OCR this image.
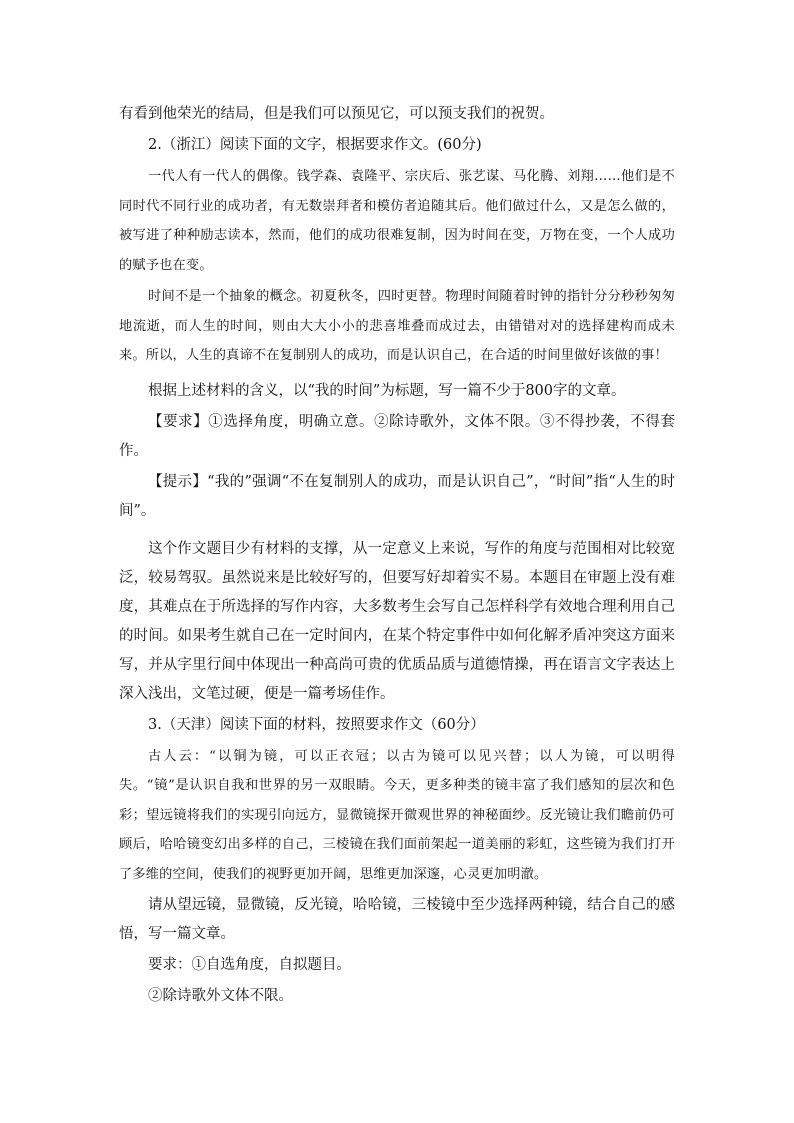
有看到他荣光的结局，但是我们可以预见它，可以预支我们的祝贺。

2.（浙江）阅读下面的文字，根据要求作文。(60分)

一代人有一代人的偶像。钱学森、袁隆平、宗庆后、张艺谋、马化腾、刘翔……他们是不同时代不同行业的成功者，有无数崇拜者和模仿者追随其后。他们做过什么，又是怎么做的，被写进了种种励志读本，然而，他们的成功很难复制，因为时间在变，万物在变，一个人成功的赋予也在变。

时间不是一个抽象的概念。初夏秋冬，四时更替。物理时间随着时钟的指针分分秒秒匆匆地流逝，而人生的时间，则由大大小小的悲喜堆叠而成过去，由错错对对的选择建构而成未来。所以，人生的真谛不在复制别人的成功，而是认识自己，在合适的时间里做好该做的事！

根据上述材料的含义，以“我的时间”为标题，写一篇不少于800字的文章。

【要求】①选择角度，明确立意。②除诗歌外，文体不限。③不得抄袭，不得套作。

【提示】“我的”强调“不在复制别人的成功，而是认识自己”，“时间”指“人生的时间”。

这个作文题目少有材料的支撑，从一定意义上来说，写作的角度与范围相对比较宽泛，较易驾驭。虽然说来是比较好写的，但要写好却着实不易。本题目在审题上没有难度，其难点在于所选择的写作内容，大多数考生会写自己怎样科学有效地合理利用自己的时间。如果考生就自己在一定时间内，在某个特定事件中如何化解矛盾冲突这方面来写，并从字里行间中体现出一种高尚可贵的优质品质与道德情操，再在语言文字表达上深入浅出，文笔过硬，便是一篇考场佳作。

3.（天津）阅读下面的材料，按照要求作文（60分）

古人云：“以铜为镜，可以正衣冠；以古为镜可以见兴替；以人为镜，可以明得失。“镜”是认识自我和世界的另一双眼睛。今天，更多种类的镜丰富了我们感知的层次和色彩；望远镜将我们的实现引向远方，显微镜探开微观世界的神秘面纱。反光镜让我们瞻前仍可顾后，哈哈镜变幻出多样的自己，三棱镜在我们面前架起一道美丽的彩虹，这些镜为我们打开了多维的空间，使我们的视野更加开阔，思维更加深邃，心灵更加明澈。

请从望远镜，显微镜，反光镜，哈哈镜，三棱镜中至少选择两种镜，结合自己的感悟，写一篇文章。

要求：①自选角度，自拟题目。

②除诗歌外文体不限。
